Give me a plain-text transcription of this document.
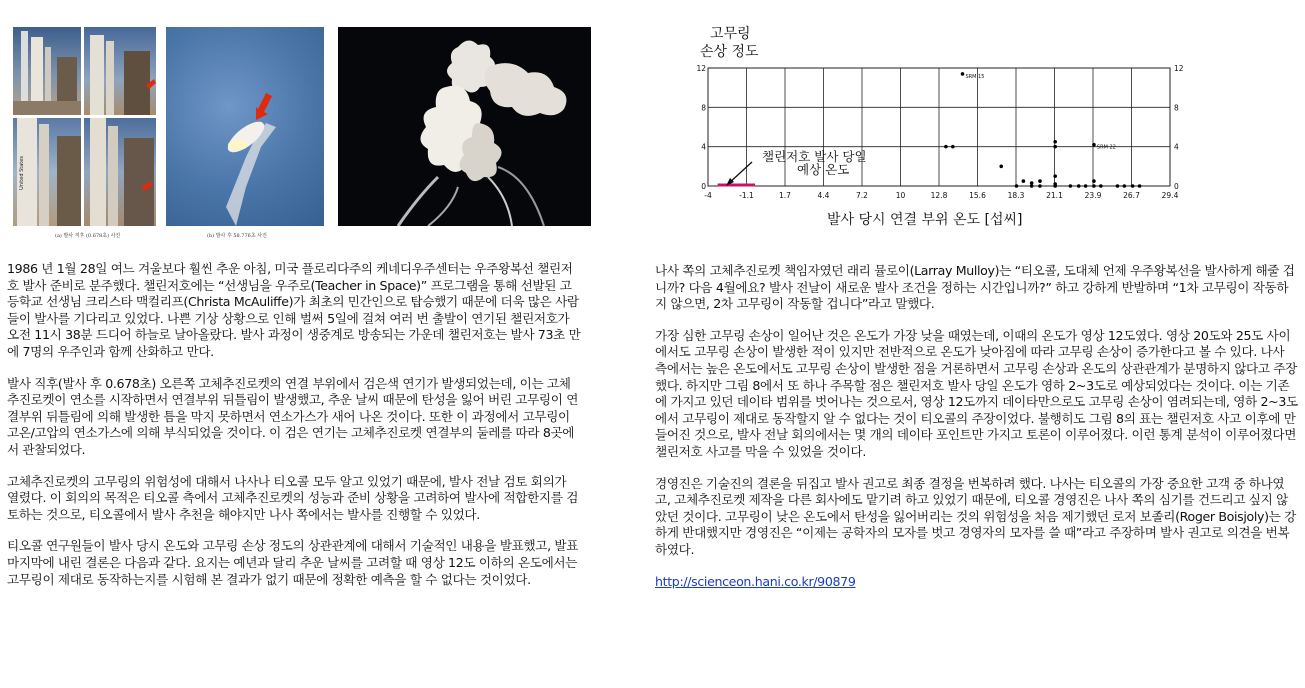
United States
(a) 발사 직후 (0.678초) 사진	(b) 발사 후 58.776초 사진
고무링
손상 정도
-4	-1.1	1.7	4.4	7.2	10	12.8	15.6	18.3	21.1	23.9	26.7	29.4
0	0
4	4
8	8
12	12
SRM 15
SRM 22
챌린저호 발사 당일
예상 온도
발사 당시 연결 부위 온도 [섭씨]

1986 년 1월 28일 여느 겨울보다 훨씬 추운 아침, 미국 플로리다주의 케네디우주센터는 우주왕복선 챌린저호 발사 준비로 분주했다. 챌린저호에는 “선생님을 우주로(Teacher in Space)” 프로그램을 통해 선발된 고등학교 선생님 크리스타 맥컬리프(Christa McAuliffe)가 최초의 민간인으로 탑승했기 때문에 더욱 많은 사람들이 발사를 기다리고 있었다. 나쁜 기상 상황으로 인해 벌써 5일에 걸쳐 여러 번 출발이 연기된 챌린저호가 오전 11시 38분 드디어 하늘로 날아올랐다. 발사 과정이 생중계로 방송되는 가운데 챌린저호는 발사 73초 만에 7명의 우주인과 함께 산화하고 만다.

발사 직후(발사 후 0.678초) 오른쪽 고체추진로켓의 연결 부위에서 검은색 연기가 발생되었는데, 이는 고체추진로켓이 연소를 시작하면서 연결부위 뒤틀림이 발생했고, 추운 날씨 때문에 탄성을 잃어 버린 고무링이 연결부위 뒤틀림에 의해 발생한 틈을 막지 못하면서 연소가스가 새어 나온 것이다. 또한 이 과정에서 고무링이 고온/고압의 연소가스에 의해 부식되었을 것이다. 이 검은 연기는 고체추진로켓 연결부의 둘레를 따라 8곳에서 관찰되었다.

고체추진로켓의 고무링의 위험성에 대해서 나사나 티오콜 모두 알고 있었기 때문에, 발사 전날 검토 회의가 열렸다. 이 회의의 목적은 티오콜 측에서 고체추진로켓의 성능과 준비 상황을 고려하여 발사에 적합한지를 검토하는 것으로, 티오콜에서 발사 추천을 해야지만 나사 쪽에서는 발사를 진행할 수 있었다.

티오콜 연구원들이 발사 당시 온도와 고무링 손상 정도의 상관관계에 대해서 기술적인 내용을 발표했고, 발표 마지막에 내린 결론은 다음과 같다. 요지는 예년과 달리 추운 날씨를 고려할 때 영상 12도 이하의 온도에서는 고무링이 제대로 동작하는지를 시험해 본 결과가 없기 때문에 정확한 예측을 할 수 없다는 것이었다.

나사 쪽의 고체추진로켓 책임자였던 래리 뮬로이(Larray Mulloy)는 “티오콜, 도대체 언제 우주왕복선을 발사하게 해줄 겁니까? 다음 4월에요? 발사 전날이 새로운 발사 조건을 정하는 시간입니까?” 하고 강하게 반발하며 “1차 고무링이 작동하지 않으면, 2차 고무링이 작동할 겁니다”라고 말했다.

가장 심한 고무링 손상이 일어난 것은 온도가 가장 낮을 때였는데, 이때의 온도가 영상 12도였다. 영상 20도와 25도 사이에서도 고무링 손상이 발생한 적이 있지만 전반적으로 온도가 낮아짐에 따라 고무링 손상이 증가한다고 볼 수 있다. 나사 측에서는 높은 온도에서도 고무링 손상이 발생한 점을 거론하면서 고무링 손상과 온도의 상관관계가 분명하지 않다고 주장했다. 하지만 그림 8에서 또 하나 주목할 점은 챌린저호 발사 당일 온도가 영하 2~3도로 예상되었다는 것이다. 이는 기존에 가지고 있던 데이타 범위를 벗어나는 것으로서, 영상 12도까지 데이타만으로도 고무링 손상이 염려되는데, 영하 2~3도에서 고무링이 제대로 동작할지 알 수 없다는 것이 티오콜의 주장이었다. 불행히도 그림 8의 표는 챌린저호 사고 이후에 만들어진 것으로, 발사 전날 회의에서는 몇 개의 데이타 포인트만 가지고 토론이 이루어졌다. 이런 통계 분석이 이루어졌다면 챌린저호 사고를 막을 수 있었을 것이다.

경영진은 기술진의 결론을 뒤집고 발사 권고로 최종 결정을 번복하려 했다. 나사는 티오콜의 가장 중요한 고객 중 하나였고, 고체추진로켓 제작을 다른 회사에도 맡기려 하고 있었기 때문에, 티오콜 경영진은 나사 쪽의 심기를 건드리고 싶지 않았던 것이다. 고무링이 낮은 온도에서 탄성을 잃어버리는 것의 위험성을 처음 제기했던 로저 보졸리(Roger Boisjoly)는 강하게 반대했지만 경영진은 “이제는 공학자의 모자를 벗고 경영자의 모자를 쓸 때”라고 주장하며 발사 권고로 의견을 번복하였다.

http://scienceon.hani.co.kr/90879
